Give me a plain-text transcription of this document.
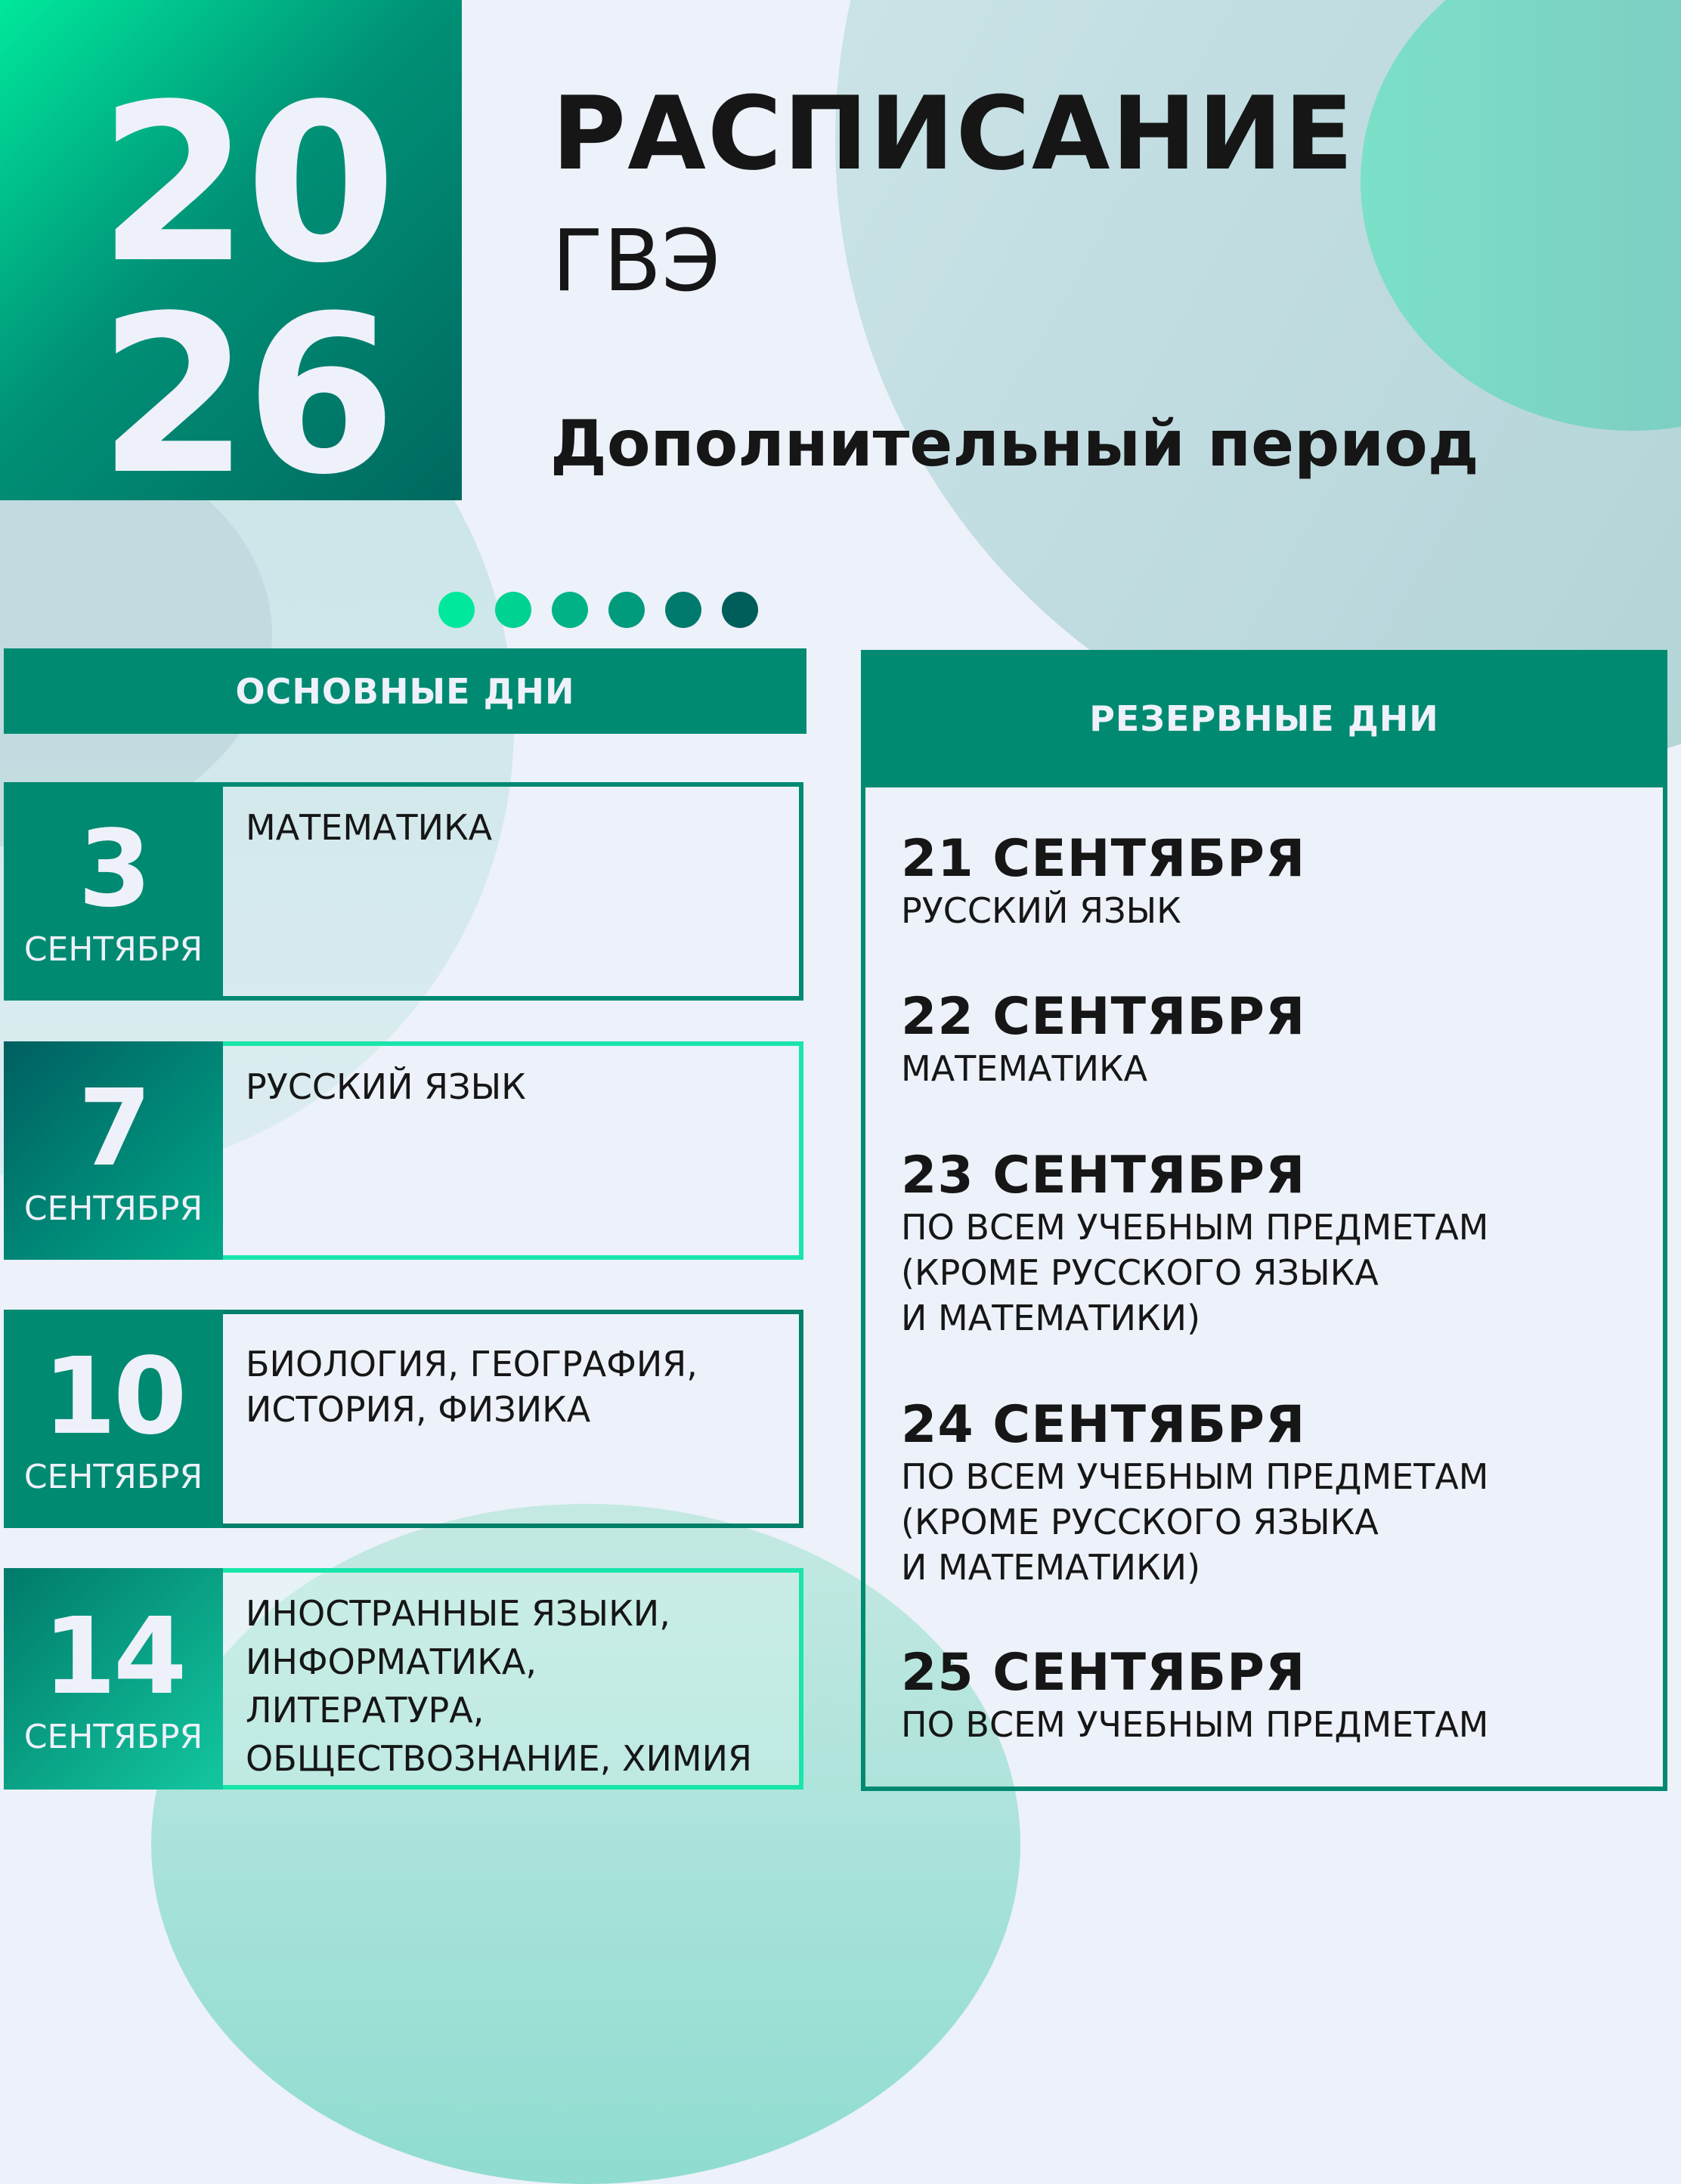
20
26
РАСПИСАНИЕ
ГВЭ
Дополнительный период
ОСНОВНЫЕ ДНИ
3
СЕНТЯБРЯ
МАТЕМАТИКА
7
СЕНТЯБРЯ
РУССКИЙ ЯЗЫК
10
СЕНТЯБРЯ
БИОЛОГИЯ, ГЕОГРАФИЯ,
ИСТОРИЯ, ФИЗИКА
14
СЕНТЯБРЯ
ИНОСТРАННЫЕ ЯЗЫКИ,
ИНФОРМАТИКА,
ЛИТЕРАТУРА,
ОБЩЕСТВОЗНАНИЕ, ХИМИЯ
РЕЗЕРВНЫЕ ДНИ
21 СЕНТЯБРЯ
РУССКИЙ ЯЗЫК
22 СЕНТЯБРЯ
МАТЕМАТИКА
23 СЕНТЯБРЯ
ПО ВСЕМ УЧЕБНЫМ ПРЕДМЕТАМ
(КРОМЕ РУССКОГО ЯЗЫКА
И МАТЕМАТИКИ)
24 СЕНТЯБРЯ
ПО ВСЕМ УЧЕБНЫМ ПРЕДМЕТАМ
(КРОМЕ РУССКОГО ЯЗЫКА
И МАТЕМАТИКИ)
25 СЕНТЯБРЯ
ПО ВСЕМ УЧЕБНЫМ ПРЕДМЕТАМ
